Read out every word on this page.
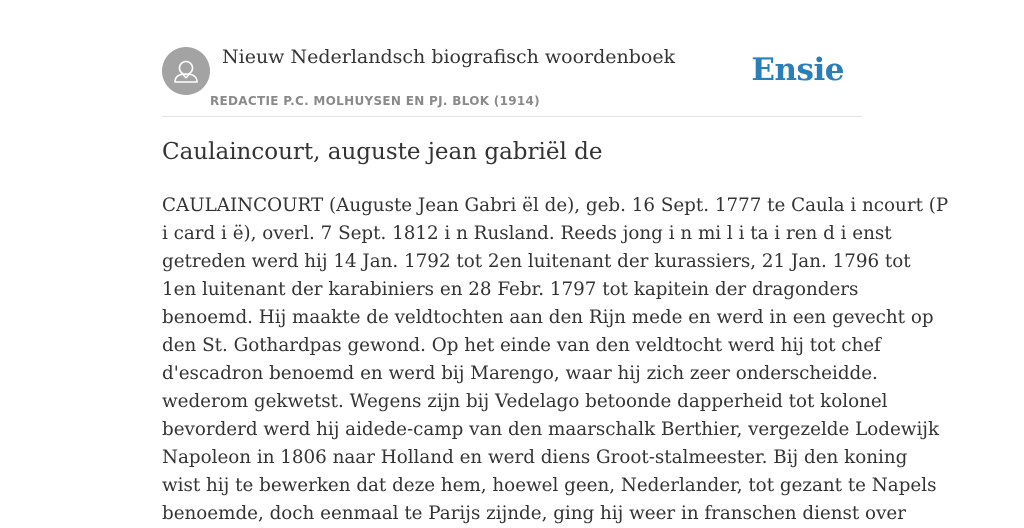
Nieuw Nederlandsch biografisch woordenboek
REDACTIE P.C. MOLHUYSEN EN PJ. BLOK (1914)
Ensie
Caulaincourt, auguste jean gabriël de

CAULAINCOURT (Auguste Jean Gabri ël de), geb. 16 Sept. 1777 te Caula i ncourt (P
i card i ë), overl. 7 Sept. 1812 i n Rusland. Reeds jong i n mi l i ta i ren d i enst
getreden werd hij 14 Jan. 1792 tot 2en luitenant der kurassiers, 21 Jan. 1796 tot
1en luitenant der karabiniers en 28 Febr. 1797 tot kapitein der dragonders
benoemd. Hij maakte de veldtochten aan den Rijn mede en werd in een gevecht op
den St. Gothardpas gewond. Op het einde van den veldtocht werd hij tot chef
d'escadron benoemd en werd bij Marengo, waar hij zich zeer onderscheidde.
wederom gekwetst. Wegens zijn bij Vedelago betoonde dapperheid tot kolonel
bevorderd werd hij aidede-camp van den maarschalk Berthier, vergezelde Lodewijk
Napoleon in 1806 naar Holland en werd diens Groot-stalmeester. Bij den koning
wist hij te bewerken dat deze hem, hoewel geen, Nederlander, tot gezant te Napels
benoemde, doch eenmaal te Parijs zijnde, ging hij weer in franschen dienst over
